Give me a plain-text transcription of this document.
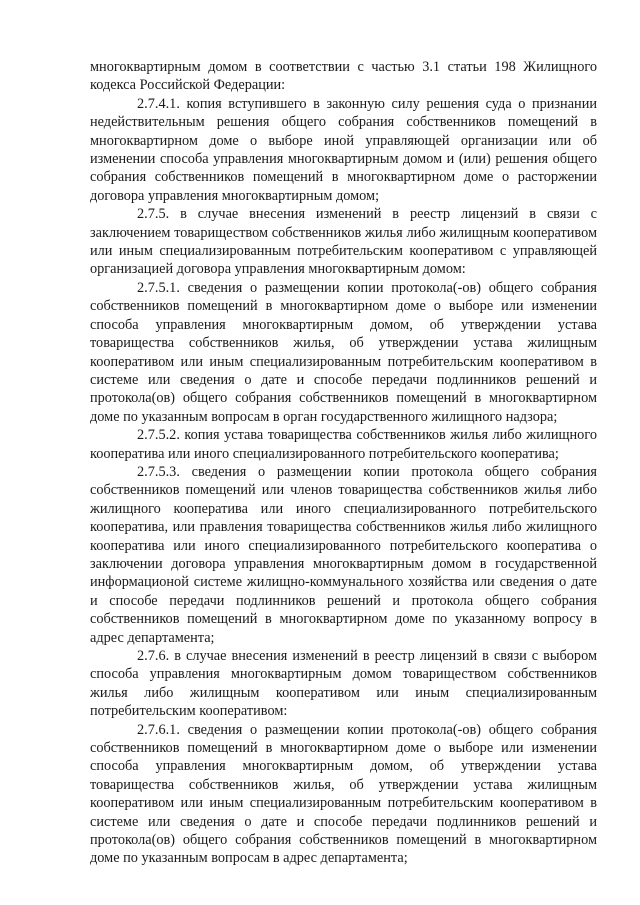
многоквартирным домом в соответствии с частью 3.1 статьи 198 Жилищного кодекса Российской Федерации:

2.7.4.1. копия вступившего в законную силу решения суда о признании недействительным решения общего собрания собственников помещений в многоквартирном доме о выборе иной управляющей организации или об изменении способа управления многоквартирным домом и (или) решения общего собрания собственников помещений в многоквартирном доме о расторжении договора управления многоквартирным домом;

2.7.5. в случае внесения изменений в реестр лицензий в связи с заключением товариществом собственников жилья либо жилищным кооперативом или иным специализированным потребительским кооперативом с управляющей организацией договора управления многоквартирным домом:

2.7.5.1. сведения о размещении копии протокола(-ов) общего собрания собственников помещений в многоквартирном доме о выборе или изменении способа управления многоквартирным домом, об утверждении устава товарищества собственников жилья, об утверждении устава жилищным кооперативом или иным специализированным потребительским кооперативом в системе или сведения о дате и способе передачи подлинников решений и протокола(ов) общего собрания собственников помещений в многоквартирном доме по указанным вопросам в орган государственного жилищного надзора;

2.7.5.2. копия устава товарищества собственников жилья либо жилищного кооператива или иного специализированного потребительского кооператива;

2.7.5.3. сведения о размещении копии протокола общего собрания собственников помещений или членов товарищества собственников жилья либо жилищного кооператива или иного специализированного потребительского кооператива, или правления товарищества собственников жилья либо жилищного кооператива или иного специализированного потребительского кооператива о заключении договора управления многоквартирным домом в государственной информационой системе жилищно-коммунального хозяйства или сведения о дате и способе передачи подлинников решений и протокола общего собрания собственников помещений в многоквартирном доме по указанному вопросу в адрес департамента;

2.7.6. в случае внесения изменений в реестр лицензий в связи с выбором способа управления многоквартирным домом товариществом собственников жилья либо жилищным кооперативом или иным специализированным потребительским кооперативом:

2.7.6.1. сведения о размещении копии протокола(-ов) общего собрания собственников помещений в многоквартирном доме о выборе или изменении способа управления многоквартирным домом, об утверждении устава товарищества собственников жилья, об утверждении устава жилищным кооперативом или иным специализированным потребительским кооперативом в системе или сведения о дате и способе передачи подлинников решений и протокола(ов) общего собрания собственников помещений в многоквартирном доме по указанным вопросам в адрес департамента;
